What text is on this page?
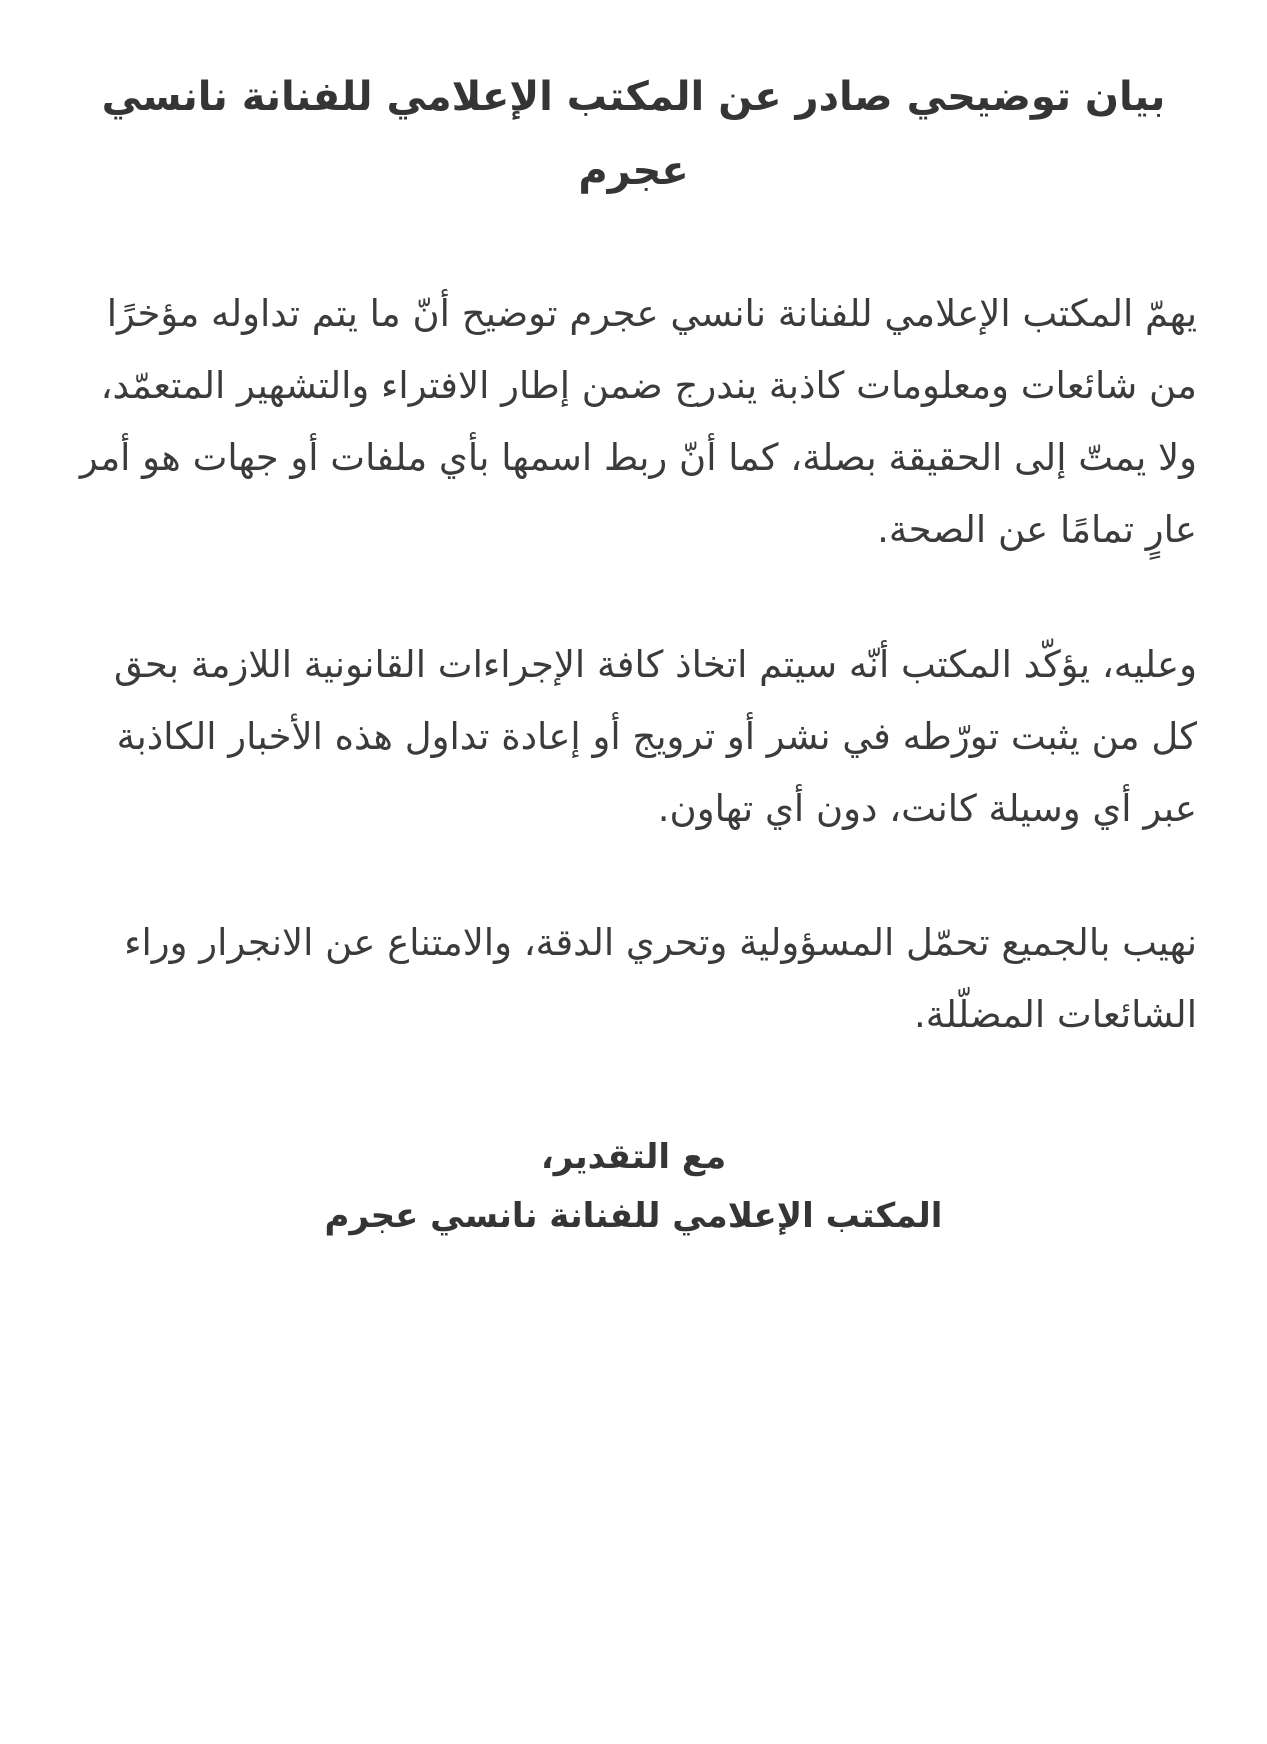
بيان توضيحي صادر عن المكتب الإعلامي للفنانة نانسي عجرم

يهمّ المكتب الإعلامي للفنانة نانسي عجرم توضيح أنّ ما يتم تداوله مؤخرًا من شائعات ومعلومات كاذبة يندرج ضمن إطار الافتراء والتشهير المتعمّد، ولا يمتّ إلى الحقيقة بصلة، كما أنّ ربط اسمها بأي ملفات أو جهات هو أمر عارٍ تمامًا عن الصحة.

وعليه، يؤكّد المكتب أنّه سيتم اتخاذ كافة الإجراءات القانونية اللازمة بحق كل من يثبت تورّطه في نشر أو ترويج أو إعادة تداول هذه الأخبار الكاذبة عبر أي وسيلة كانت، دون أي تهاون.

نهيب بالجميع تحمّل المسؤولية وتحري الدقة، والامتناع عن الانجرار وراء الشائعات المضلّلة.

مع التقدير،

المكتب الإعلامي للفنانة نانسي عجرم
